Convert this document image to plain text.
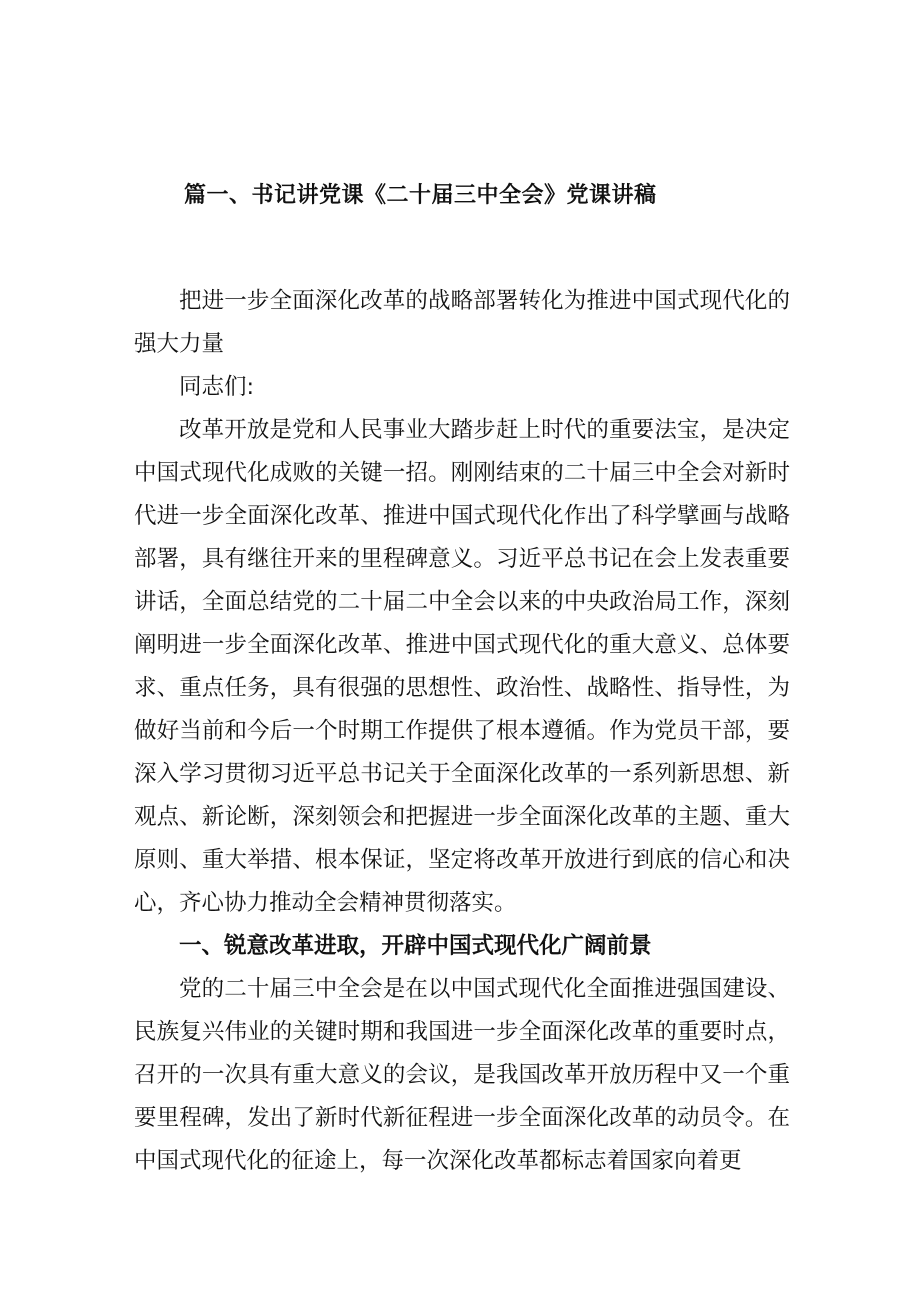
篇一、书记讲党课《二十届三中全会》党课讲稿

把进一步全面深化改革的战略部署转化为推进中国式现代化的强大力量

同志们:

改革开放是党和人民事业大踏步赶上时代的重要法宝，是决定中国式现代化成败的关键一招。刚刚结束的二十届三中全会对新时代进一步全面深化改革、推进中国式现代化作出了科学擘画与战略部署，具有继往开来的里程碑意义。习近平总书记在会上发表重要讲话，全面总结党的二十届二中全会以来的中央政治局工作，深刻阐明进一步全面深化改革、推进中国式现代化的重大意义、总体要求、重点任务，具有很强的思想性、政治性、战略性、指导性，为做好当前和今后一个时期工作提供了根本遵循。作为党员干部，要深入学习贯彻习近平总书记关于全面深化改革的一系列新思想、新观点、新论断，深刻领会和把握进一步全面深化改革的主题、重大原则、重大举措、根本保证，坚定将改革开放进行到底的信心和决心，齐心协力推动全会精神贯彻落实。

一、锐意改革进取，开辟中国式现代化广阔前景

党的二十届三中全会是在以中国式现代化全面推进强国建设、民族复兴伟业的关键时期和我国进一步全面深化改革的重要时点，召开的一次具有重大意义的会议，是我国改革开放历程中又一个重要里程碑，发出了新时代新征程进一步全面深化改革的动员令。在中国式现代化的征途上，每一次深化改革都标志着国家向着更
